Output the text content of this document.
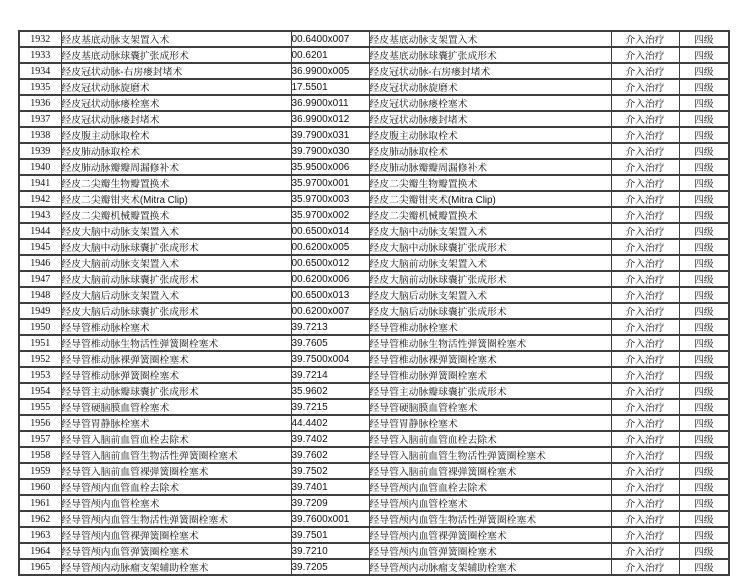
1932	经皮基底动脉支架置入术	00.6400x007	经皮基底动脉支架置入术	介入治疗	四级
1933	经皮基底动脉球囊扩张成形术	00.6201	经皮基底动脉球囊扩张成形术	介入治疗	四级
1934	经皮冠状动脉-右房瘘封堵术	36.9900x005	经皮冠状动脉-右房瘘封堵术	介入治疗	四级
1935	经皮冠状动脉旋磨术	17.5501	经皮冠状动脉旋磨术	介入治疗	四级
1936	经皮冠状动脉瘘栓塞术	36.9900x011	经皮冠状动脉瘘栓塞术	介入治疗	四级
1937	经皮冠状动脉瘘封堵术	36.9900x012	经皮冠状动脉瘘封堵术	介入治疗	四级
1938	经皮腹主动脉取栓术	39.7900x031	经皮腹主动脉取栓术	介入治疗	四级
1939	经皮肺动脉取栓术	39.7900x030	经皮肺动脉取栓术	介入治疗	四级
1940	经皮肺动脉瓣瓣周漏修补术	35.9500x006	经皮肺动脉瓣瓣周漏修补术	介入治疗	四级
1941	经皮二尖瓣生物瓣置换术	35.9700x001	经皮二尖瓣生物瓣置换术	介入治疗	四级
1942	经皮二尖瓣钳夹术(Mitra Clip)	35.9700x003	经皮二尖瓣钳夹术(Mitra Clip)	介入治疗	四级
1943	经皮二尖瓣机械瓣置换术	35.9700x002	经皮二尖瓣机械瓣置换术	介入治疗	四级
1944	经皮大脑中动脉支架置入术	00.6500x014	经皮大脑中动脉支架置入术	介入治疗	四级
1945	经皮大脑中动脉球囊扩张成形术	00.6200x005	经皮大脑中动脉球囊扩张成形术	介入治疗	四级
1946	经皮大脑前动脉支架置入术	00.6500x012	经皮大脑前动脉支架置入术	介入治疗	四级
1947	经皮大脑前动脉球囊扩张成形术	00.6200x006	经皮大脑前动脉球囊扩张成形术	介入治疗	四级
1948	经皮大脑后动脉支架置入术	00.6500x013	经皮大脑后动脉支架置入术	介入治疗	四级
1949	经皮大脑后动脉球囊扩张成形术	00.6200x007	经皮大脑后动脉球囊扩张成形术	介入治疗	四级
1950	经导管椎动脉栓塞术	39.7213	经导管椎动脉栓塞术	介入治疗	四级
1951	经导管椎动脉生物活性弹簧圈栓塞术	39.7605	经导管椎动脉生物活性弹簧圈栓塞术	介入治疗	四级
1952	经导管椎动脉裸弹簧圈栓塞术	39.7500x004	经导管椎动脉裸弹簧圈栓塞术	介入治疗	四级
1953	经导管椎动脉弹簧圈栓塞术	39.7214	经导管椎动脉弹簧圈栓塞术	介入治疗	四级
1954	经导管主动脉瓣球囊扩张成形术	35.9602	经导管主动脉瓣球囊扩张成形术	介入治疗	四级
1955	经导管硬脑膜血管栓塞术	39.7215	经导管硬脑膜血管栓塞术	介入治疗	四级
1956	经导管胃静脉栓塞术	44.4402	经导管胃静脉栓塞术	介入治疗	四级
1957	经导管入脑前血管血栓去除术	39.7402	经导管入脑前血管血栓去除术	介入治疗	四级
1958	经导管入脑前血管生物活性弹簧圈栓塞术	39.7602	经导管入脑前血管生物活性弹簧圈栓塞术	介入治疗	四级
1959	经导管入脑前血管裸弹簧圈栓塞术	39.7502	经导管入脑前血管裸弹簧圈栓塞术	介入治疗	四级
1960	经导管颅内血管血栓去除术	39.7401	经导管颅内血管血栓去除术	介入治疗	四级
1961	经导管颅内血管栓塞术	39.7209	经导管颅内血管栓塞术	介入治疗	四级
1962	经导管颅内血管生物活性弹簧圈栓塞术	39.7600x001	经导管颅内血管生物活性弹簧圈栓塞术	介入治疗	四级
1963	经导管颅内血管裸弹簧圈栓塞术	39.7501	经导管颅内血管裸弹簧圈栓塞术	介入治疗	四级
1964	经导管颅内血管弹簧圈栓塞术	39.7210	经导管颅内血管弹簧圈栓塞术	介入治疗	四级
1965	经导管颅内动脉瘤支架辅助栓塞术	39.7205	经导管颅内动脉瘤支架辅助栓塞术	介入治疗	四级
